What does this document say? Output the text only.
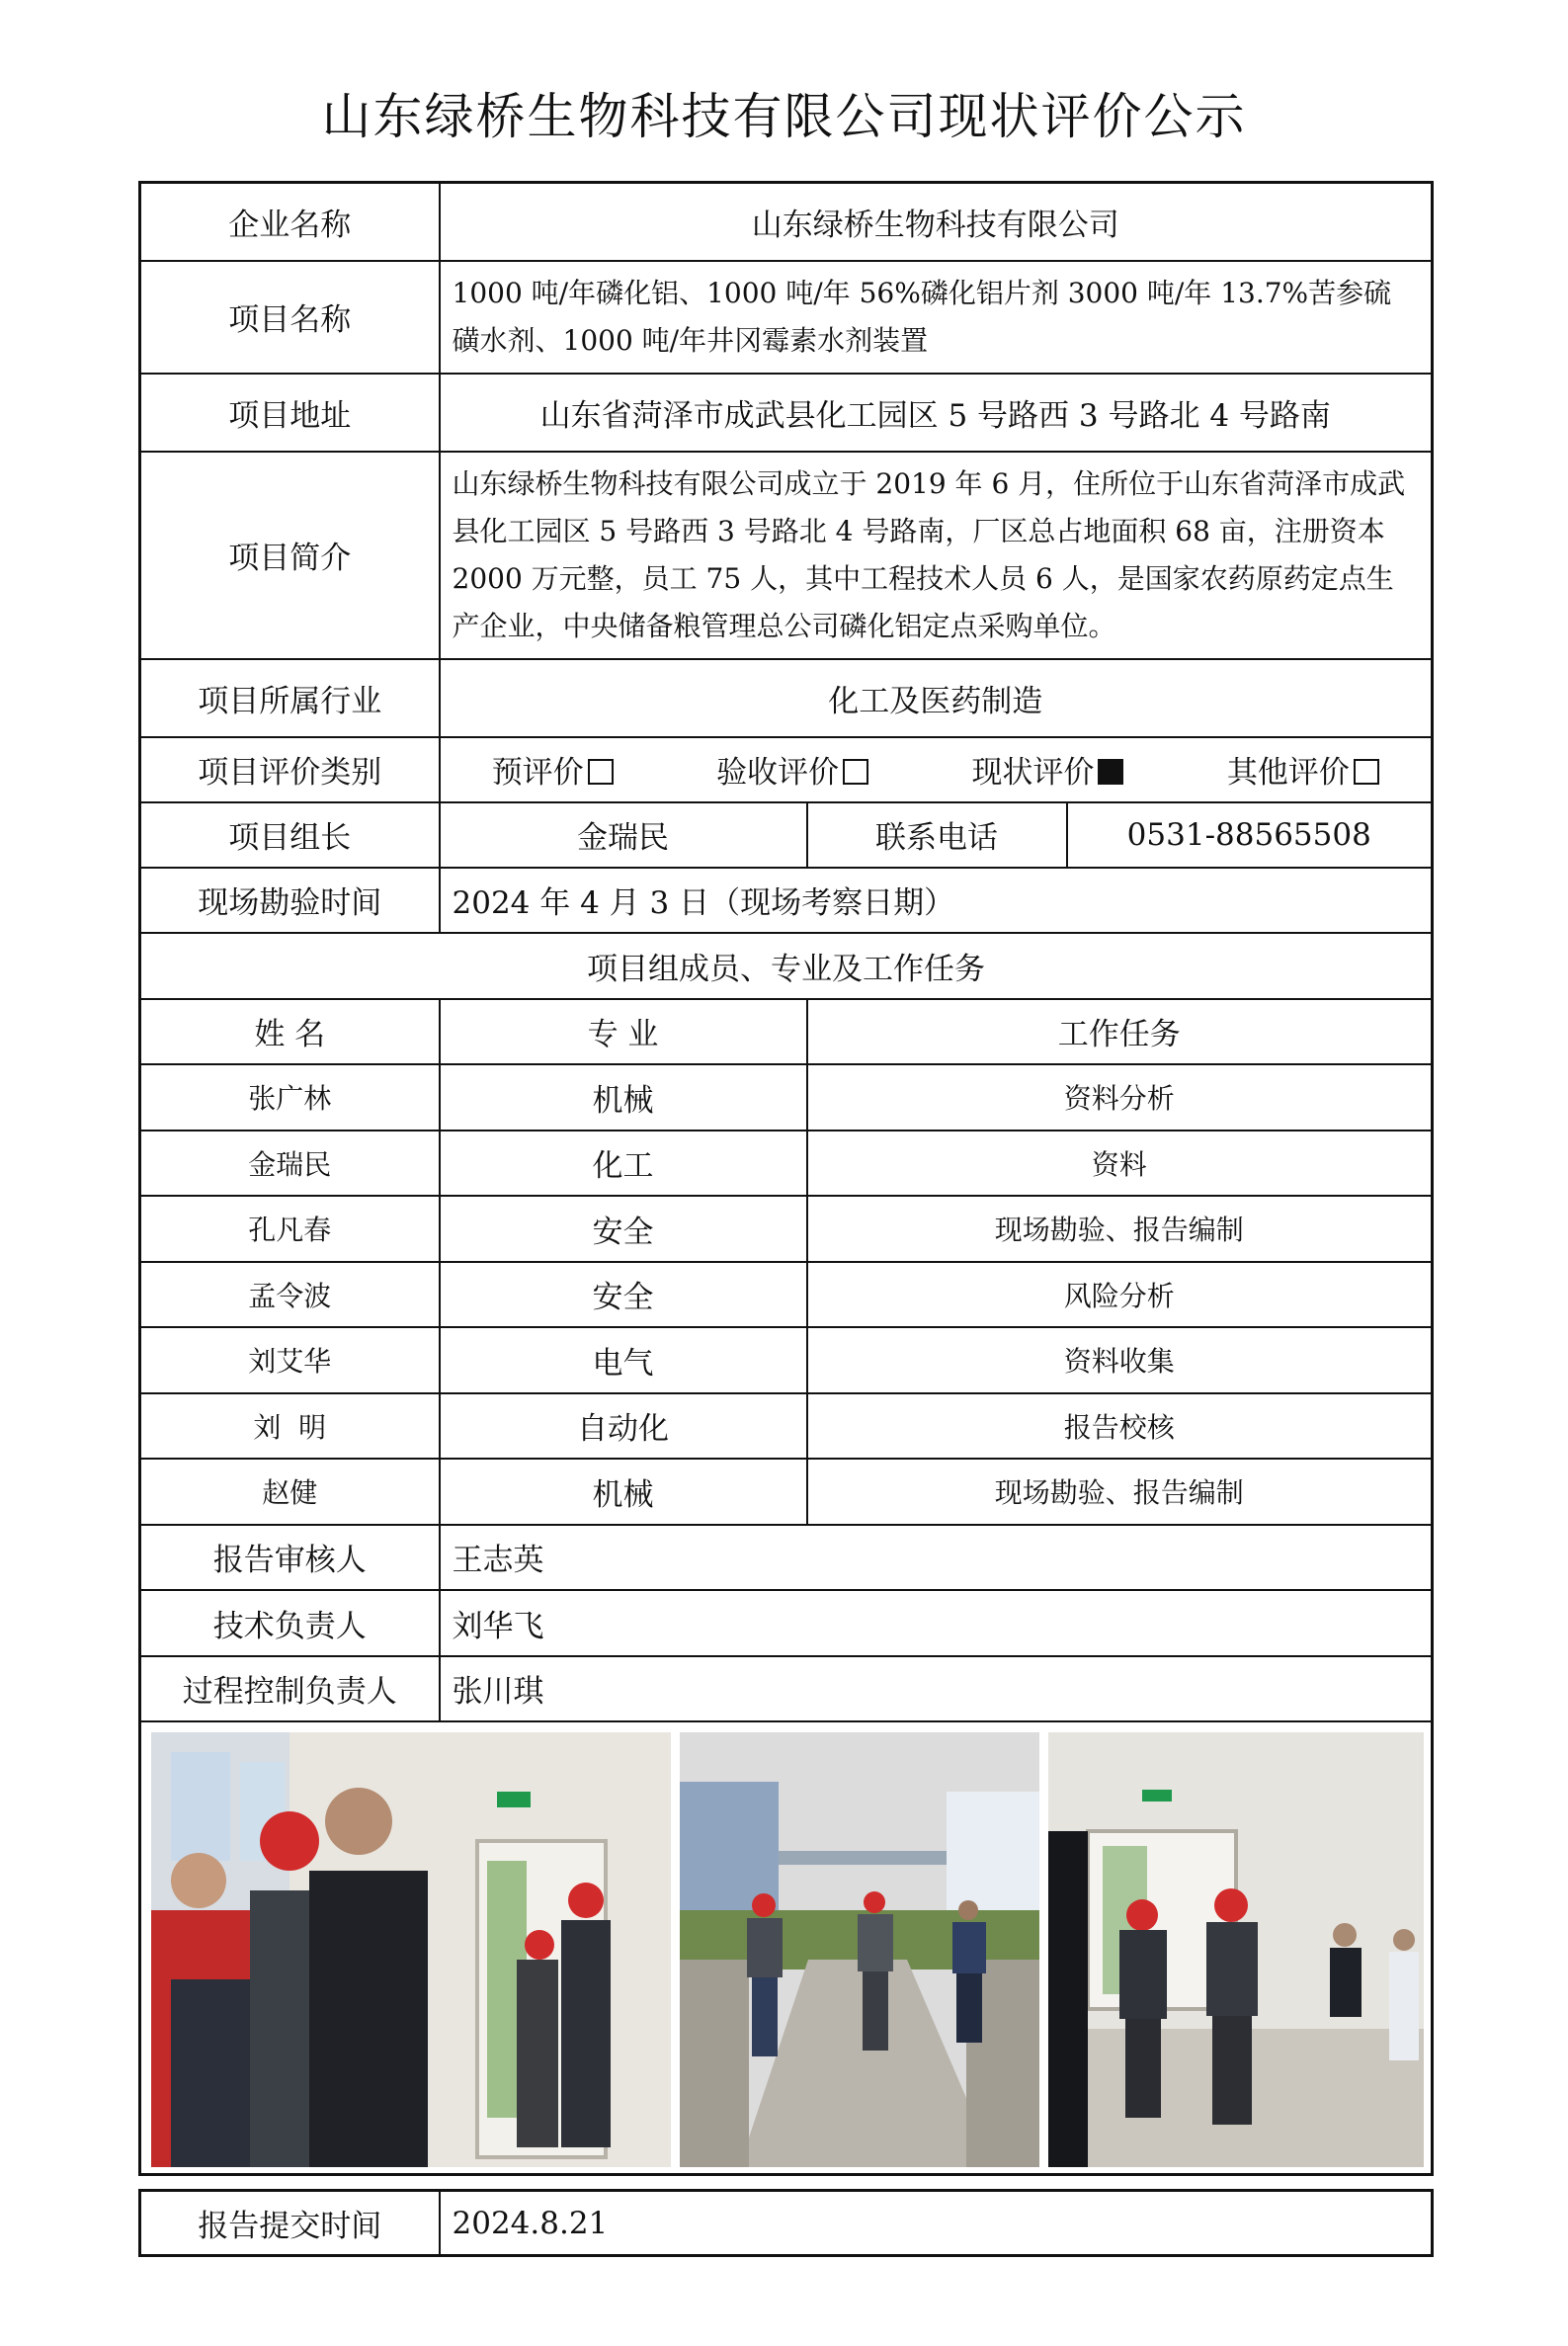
山东绿桥生物科技有限公司现状评价公示
企业名称	山东绿桥生物科技有限公司		
项目名称	1000 吨/年磷化铝、1000 吨/年 56%磷化铝片剂 3000 吨/年 13.7%苦参硫磺水剂、1000 吨/年井冈霉素水剂装置		
项目地址	山东省菏泽市成武县化工园区 5 号路西 3 号路北 4 号路南		
项目简介	山东绿桥生物科技有限公司成立于 2019 年 6 月，住所位于山东省菏泽市成武县化工园区 5 号路西 3 号路北 4 号路南，厂区总占地面积 68 亩，注册资本 2000 万元整，员工 75 人，其中工程技术人员 6 人，是国家农药原药定点生产企业，中央储备粮管理总公司磷化铝定点采购单位。		
项目所属行业	化工及医药制造		
项目评价类别	预评价 验收评价 现状评价 其他评价		

项目组长	金瑞民	联系电话	0531-88565508
现场勘验时间	2024 年 4 月 3 日（现场考察日期）		
项目组成员、专业及工作任务			
姓 名	专 业	工作任务	
张广林	机械	资料分析	
金瑞民	化工	资料	
孔凡春	安全	现场勘验、报告编制	
孟令波	安全	风险分析	
刘艾华	电气	资料收集	
刘  明	自动化	报告校核	
赵健	机械	现场勘验、报告编制	
报告审核人	王志英		
技术负责人	刘华飞		
过程控制负责人	张川琪		

报告提交时间	2024.8.21
